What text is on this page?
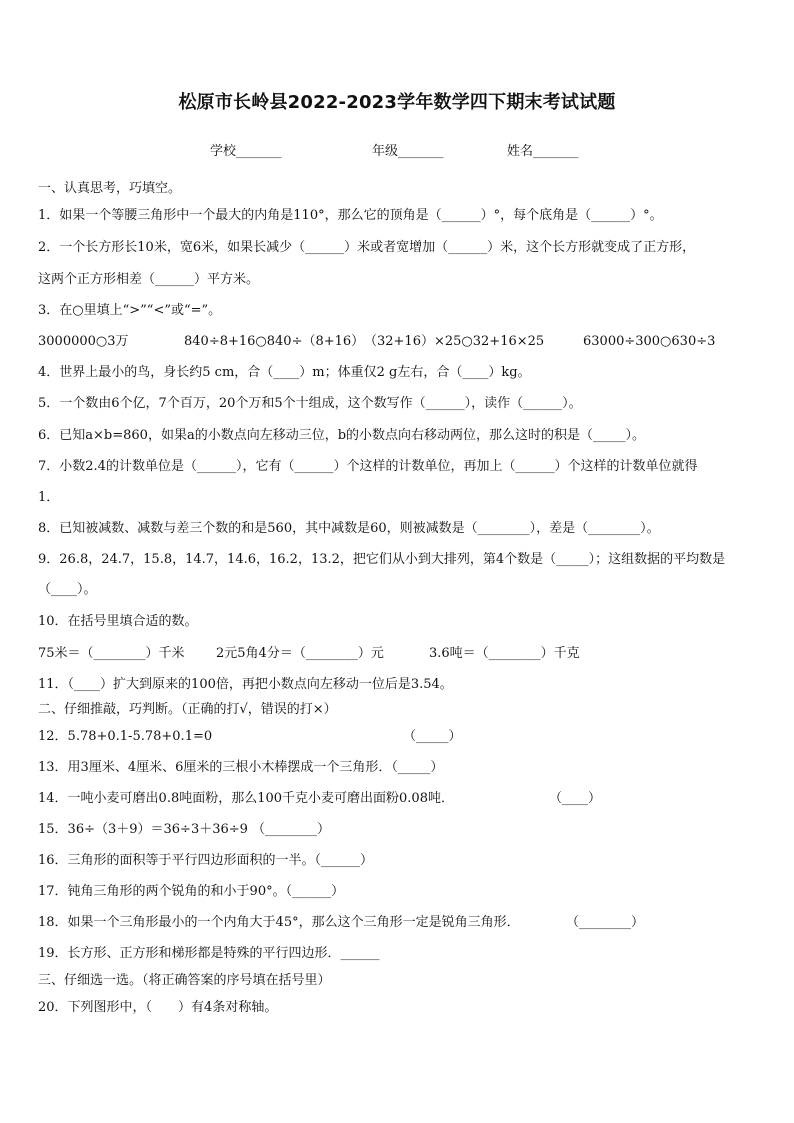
松原市长岭县2022-2023学年数学四下期末考试试题
学校_______	年级_______	姓名_______
一、认真思考，巧填空。
1．如果一个等腰三角形中一个最大的内角是110°，那么它的顶角是（______）°，每个底角是（______）°。
2．一个长方形长10米，宽6米，如果长减少（______）米或者宽增加（______）米，这个长方形就变成了正方形，
这两个正方形相差（______）平方米。
3．在○里填上“>”“<”或“=”。
3000000○3万	840÷8+16○840÷（8+16） （32+16）×25○32+16×25	63000÷300○630÷3
4．世界上最小的鸟，身长约5 cm，合（____）m；体重仅2 g左右，合（____）kg。
5．一个数由6个亿，7个百万，20个万和5个十组成，这个数写作（______），读作（______）。
6．已知a×b=860，如果a的小数点向左移动三位，b的小数点向右移动两位，那么这时的积是（_____）。
7．小数2.4的计数单位是（______），它有（______）个这样的计数单位，再加上（______）个这样的计数单位就得
1．
8．已知被减数、减数与差三个数的和是560，其中减数是60，则被减数是（________），差是（________）。
9．26.8，24.7，15.8，14.7，14.6，16.2，13.2，把它们从小到大排列，第4个数是（_____）；这组数据的平均数是
（____）。
10．在括号里填合适的数。
75米＝（________）千米 2元5角4分＝（________）元	3.6吨＝（________）千克
11．（____）扩大到原来的100倍，再把小数点向左移动一位后是3.54。
二、仔细推敲，巧判断。（正确的打√，错误的打×）
12．5.78+0.1-5.78+0.1=0	（_____）
13．用3厘米、4厘米、6厘米的三根小木棒摆成一个三角形．（_____）
14．一吨小麦可磨出0.8吨面粉，那么100千克小麦可磨出面粉0.08吨．	（____）
15．36÷（3＋9）＝36÷3＋36÷9 （________）
16．三角形的面积等于平行四边形面积的一半。（______）
17．钝角三角形的两个锐角的和小于90°。（______）
18．如果一个三角形最小的一个内角大于45°，那么这个三角形一定是锐角三角形．	（________）
19．长方形、正方形和梯形都是特殊的平行四边形．______
三、仔细选一选。（将正确答案的序号填在括号里）
20．下列图形中，（　　）有4条对称轴。
